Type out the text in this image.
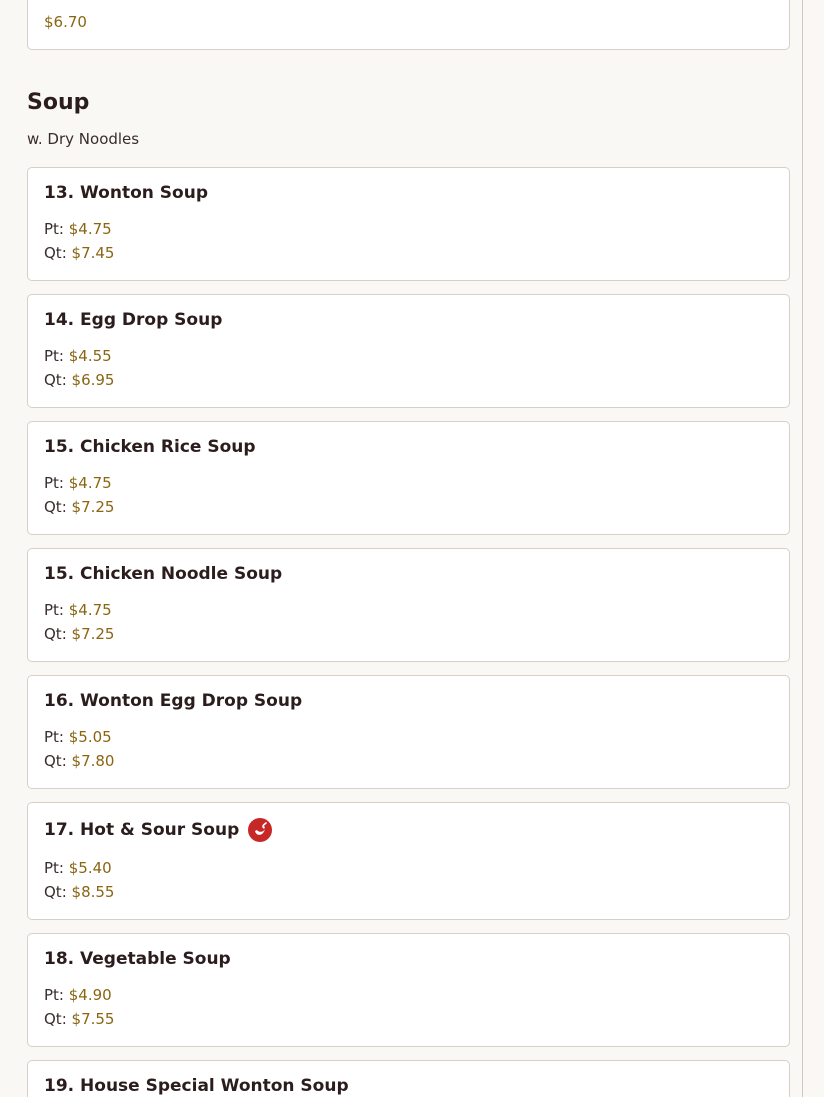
$6.70
Soup
w. Dry Noodles
13. Wonton Soup
Pt: $4.75
Qt: $7.45
14. Egg Drop Soup
Pt: $4.55
Qt: $6.95
15. Chicken Rice Soup
Pt: $4.75
Qt: $7.25
15. Chicken Noodle Soup
Pt: $4.75
Qt: $7.25
16. Wonton Egg Drop Soup
Pt: $5.05
Qt: $7.80
17. Hot & Sour Soup
Pt: $5.40
Qt: $8.55
18. Vegetable Soup
Pt: $4.90
Qt: $7.55
19. House Special Wonton Soup
